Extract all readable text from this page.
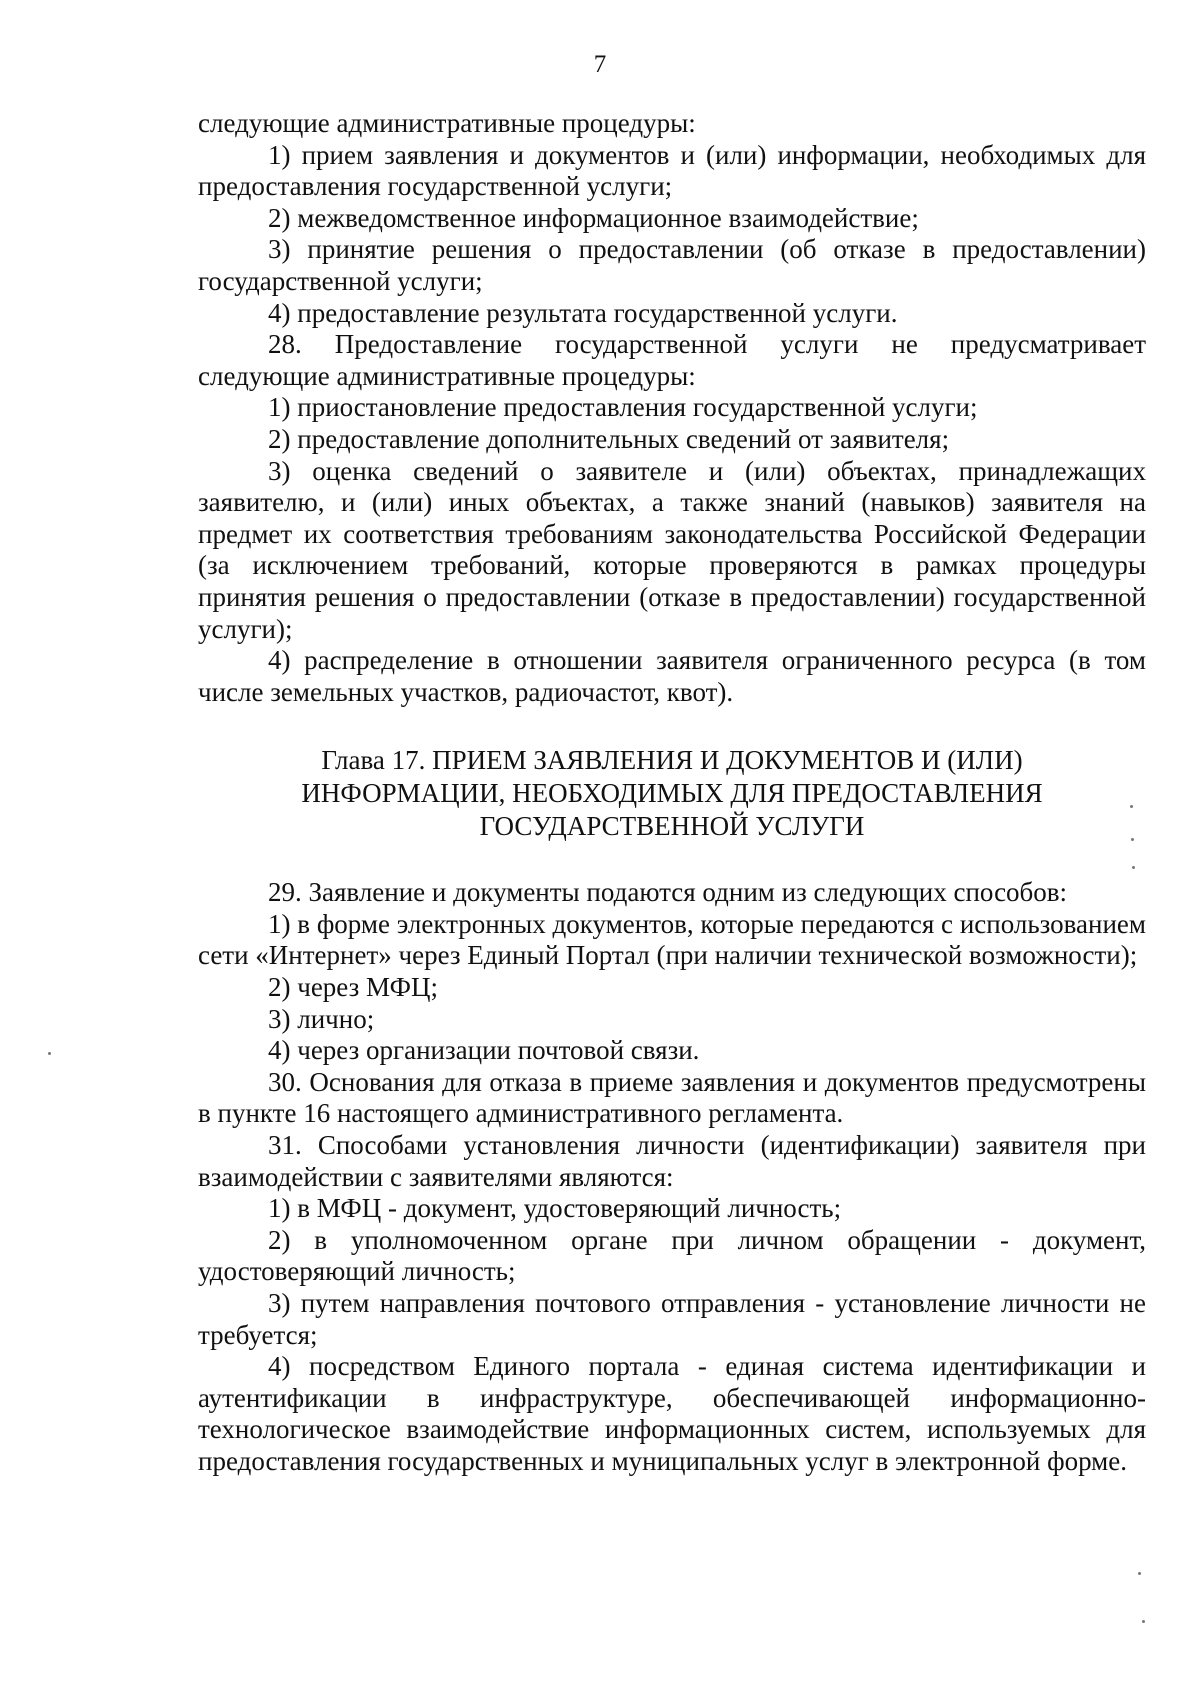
7

следующие административные процедуры:

1) прием заявления и документов и (или) информации, необходимых для предоставления государственной услуги;

2) межведомственное информационное взаимодействие;

3) принятие решения о предоставлении (об отказе в предоставлении) государственной услуги;

4) предоставление результата государственной услуги.

28. Предоставление государственной услуги не предусматривает следующие административные процедуры:

1) приостановление предоставления государственной услуги;

2) предоставление дополнительных сведений от заявителя;

3) оценка сведений о заявителе и (или) объектах, принадлежащих заявителю, и (или) иных объектах, а также знаний (навыков) заявителя на предмет их соответствия требованиям законодательства Российской Федерации (за исключением требований, которые проверяются в рамках процедуры принятия решения о предоставлении (отказе в предоставлении) государственной услуги);

4) распределение в отношении заявителя ограниченного ресурса (в том числе земельных участков, радиочастот, квот).

Глава 17. ПРИЕМ ЗАЯВЛЕНИЯ И ДОКУМЕНТОВ И (ИЛИ)
ИНФОРМАЦИИ, НЕОБХОДИМЫХ ДЛЯ ПРЕДОСТАВЛЕНИЯ
ГОСУДАРСТВЕННОЙ УСЛУГИ

29. Заявление и документы подаются одним из следующих способов:

1) в форме электронных документов, которые передаются с использованием сети «Интернет» через Единый Портал (при наличии технической возможности);

2) через МФЦ;

3) лично;

4) через организации почтовой связи.

30. Основания для отказа в приеме заявления и документов предусмотрены в пункте 16 настоящего административного регламента.

31. Способами установления личности (идентификации) заявителя при взаимодействии с заявителями являются:

1) в МФЦ - документ, удостоверяющий личность;

2) в уполномоченном органе при личном обращении - документ, удостоверяющий личность;

3) путем направления почтового отправления - установление личности не требуется;

4) посредством Единого портала - единая система идентификации и аутентификации в инфраструктуре, обеспечивающей информационно-технологическое взаимодействие информационных систем, используемых для предоставления государственных и муниципальных услуг в электронной форме.
